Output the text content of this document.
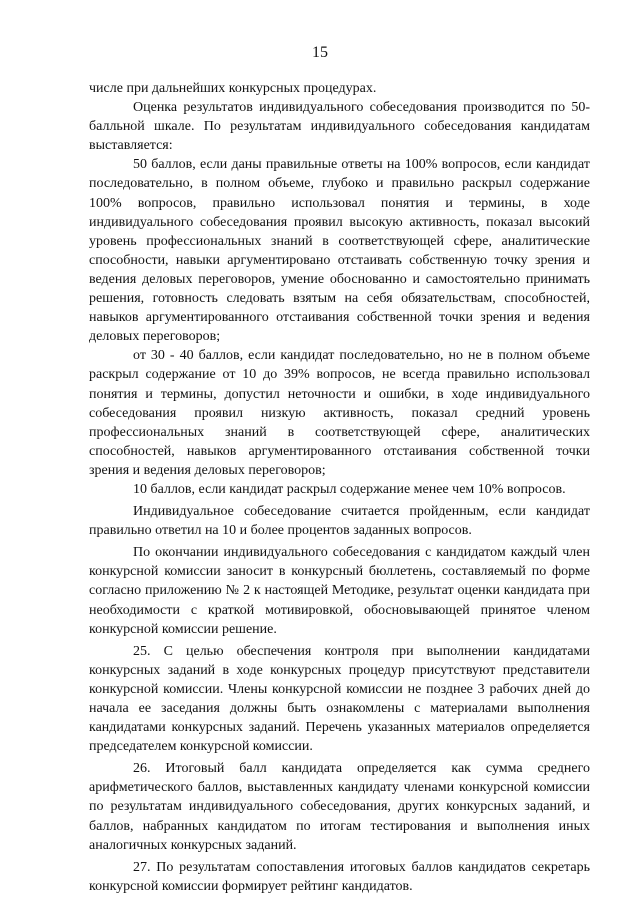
15

числе при дальнейших конкурсных процедурах.

Оценка результатов индивидуального собеседования производится по 50-балльной шкале. По результатам индивидуального собеседования кандидатам выставляется:

50 баллов, если даны правильные ответы на 100% вопросов, если кандидат последовательно, в полном объеме, глубоко и правильно раскрыл содержание 100% вопросов, правильно использовал понятия и термины, в ходе индивидуального собеседования проявил высокую активность, показал высокий уровень профессиональных знаний в соответствующей сфере, аналитические способности, навыки аргументировано отстаивать собственную точку зрения и ведения деловых переговоров, умение обоснованно и самостоятельно принимать решения, готовность следовать взятым на себя обязательствам, способностей, навыков аргументированного отстаивания собственной точки зрения и ведения деловых переговоров;

от 30 - 40 баллов, если кандидат последовательно, но не в полном объеме раскрыл содержание от 10 до 39% вопросов, не всегда правильно использовал понятия и термины, допустил неточности и ошибки, в ходе индивидуального собеседования проявил низкую активность, показал средний уровень профессиональных знаний в соответствующей сфере, аналитических способностей, навыков аргументированного отстаивания собственной точки зрения и ведения деловых переговоров;

10 баллов, если кандидат раскрыл содержание менее чем 10% вопросов.

Индивидуальное собеседование считается пройденным, если кандидат правильно ответил на 10 и более процентов заданных вопросов.

По окончании индивидуального собеседования с кандидатом каждый член конкурсной комиссии заносит в конкурсный бюллетень, составляемый по форме согласно приложению № 2 к настоящей Методике, результат оценки кандидата при необходимости с краткой мотивировкой, обосновывающей принятое членом конкурсной комиссии решение.

25. С целью обеспечения контроля при выполнении кандидатами конкурсных заданий в ходе конкурсных процедур присутствуют представители конкурсной комиссии. Члены конкурсной комиссии не позднее 3 рабочих дней до начала ее заседания должны быть ознакомлены с материалами выполнения кандидатами конкурсных заданий. Перечень указанных материалов определяется председателем конкурсной комиссии.

26. Итоговый балл кандидата определяется как сумма среднего арифметического баллов, выставленных кандидату членами конкурсной комиссии по результатам индивидуального собеседования, других конкурсных заданий, и баллов, набранных кандидатом по итогам тестирования и выполнения иных аналогичных конкурсных заданий.

27. По результатам сопоставления итоговых баллов кандидатов секретарь конкурсной комиссии формирует рейтинг кандидатов.
